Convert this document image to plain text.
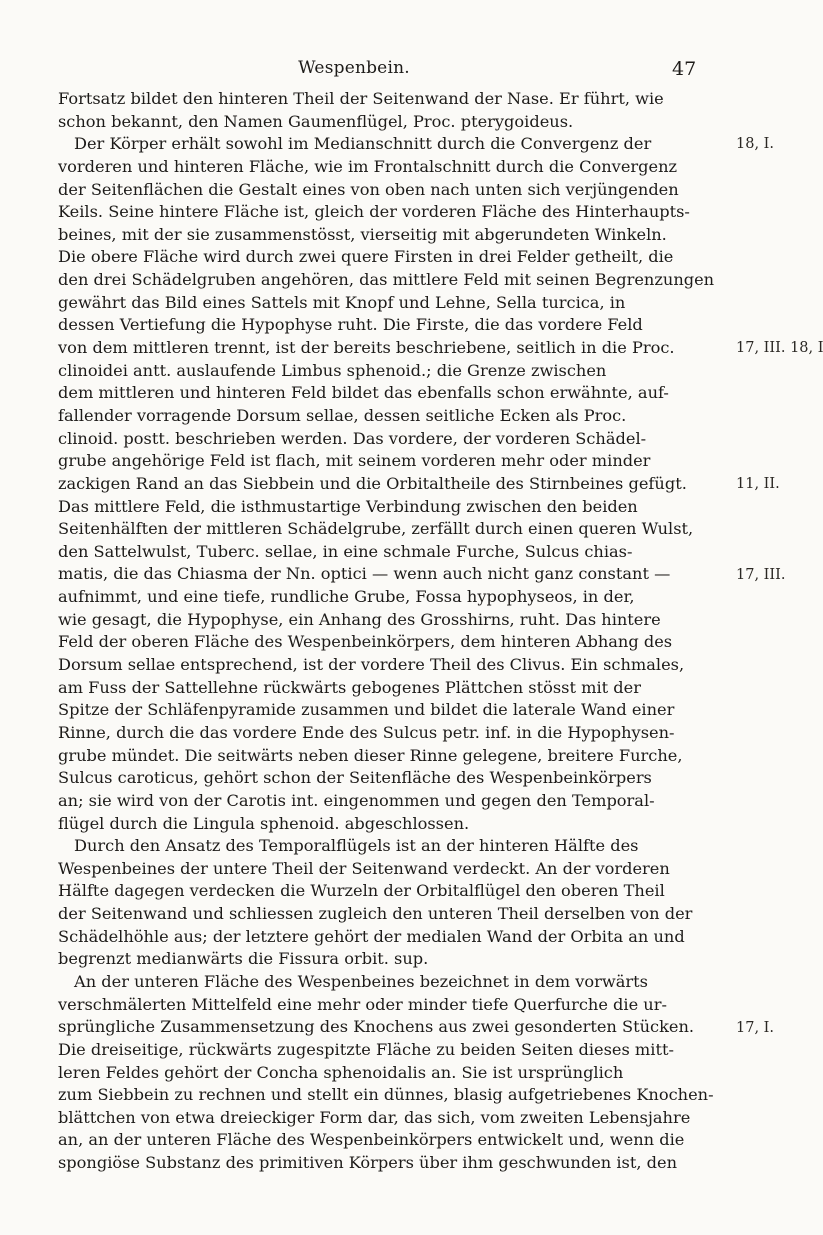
Wespenbein.	47
Fortsatz bildet den hinteren Theil der Seitenwand der Nase. Er führt, wie
schon bekannt, den Namen Gaumenflügel, Proc. pterygoideus.
Der Körper erhält sowohl im Medianschnitt durch die Convergenz der
vorderen und hinteren Fläche, wie im Frontalschnitt durch die Convergenz
der Seitenflächen die Gestalt eines von oben nach unten sich verjüngenden
Keils. Seine hintere Fläche ist, gleich der vorderen Fläche des Hinterhaupts-
beines, mit der sie zusammenstösst, vierseitig mit abgerundeten Winkeln.
Die obere Fläche wird durch zwei quere Firsten in drei Felder getheilt, die
den drei Schädelgruben angehören, das mittlere Feld mit seinen Begrenzungen
gewährt das Bild eines Sattels mit Knopf und Lehne, Sella turcica, in
dessen Vertiefung die Hypophyse ruht. Die Firste, die das vordere Feld
von dem mittleren trennt, ist der bereits beschriebene, seitlich in die Proc.
clinoidei antt. auslaufende Limbus sphenoid.; die Grenze zwischen
dem mittleren und hinteren Feld bildet das ebenfalls schon erwähnte, auf-
fallender vorragende Dorsum sellae, dessen seitliche Ecken als Proc.
clinoid. postt. beschrieben werden. Das vordere, der vorderen Schädel-
grube angehörige Feld ist flach, mit seinem vorderen mehr oder minder
zackigen Rand an das Siebbein und die Orbitaltheile des Stirnbeines gefügt.
Das mittlere Feld, die isthmustartige Verbindung zwischen den beiden
Seitenhälften der mittleren Schädelgrube, zerfällt durch einen queren Wulst,
den Sattelwulst, Tuberc. sellae, in eine schmale Furche, Sulcus chias-
matis, die das Chiasma der Nn. optici — wenn auch nicht ganz constant —
aufnimmt, und eine tiefe, rundliche Grube, Fossa hypophyseos, in der,
wie gesagt, die Hypophyse, ein Anhang des Grosshirns, ruht. Das hintere
Feld der oberen Fläche des Wespenbeinkörpers, dem hinteren Abhang des
Dorsum sellae entsprechend, ist der vordere Theil des Clivus. Ein schmales,
am Fuss der Sattellehne rückwärts gebogenes Plättchen stösst mit der
Spitze der Schläfenpyramide zusammen und bildet die laterale Wand einer
Rinne, durch die das vordere Ende des Sulcus petr. inf. in die Hypophysen-
grube mündet. Die seitwärts neben dieser Rinne gelegene, breitere Furche,
Sulcus caroticus, gehört schon der Seitenfläche des Wespenbeinkörpers
an; sie wird von der Carotis int. eingenommen und gegen den Temporal-
flügel durch die Lingula sphenoid. abgeschlossen.
Durch den Ansatz des Temporalflügels ist an der hinteren Hälfte des
Wespenbeines der untere Theil der Seitenwand verdeckt. An der vorderen
Hälfte dagegen verdecken die Wurzeln der Orbitalflügel den oberen Theil
der Seitenwand und schliessen zugleich den unteren Theil derselben von der
Schädelhöhle aus; der letztere gehört der medialen Wand der Orbita an und
begrenzt medianwärts die Fissura orbit. sup.
An der unteren Fläche des Wespenbeines bezeichnet in dem vorwärts
verschmälerten Mittelfeld eine mehr oder minder tiefe Querfurche die ur-
sprüngliche Zusammensetzung des Knochens aus zwei gesonderten Stücken.
Die dreiseitige, rückwärts zugespitzte Fläche zu beiden Seiten dieses mitt-
leren Feldes gehört der Concha sphenoidalis an. Sie ist ursprünglich
zum Siebbein zu rechnen und stellt ein dünnes, blasig aufgetriebenes Knochen-
blättchen von etwa dreieckiger Form dar, das sich, vom zweiten Lebensjahre
an, an der unteren Fläche des Wespenbeinkörpers entwickelt und, wenn die
spongiöse Substanz des primitiven Körpers über ihm geschwunden ist, den
18, I.
17, III. 18, I
11, II.
17, III.
17, I.
